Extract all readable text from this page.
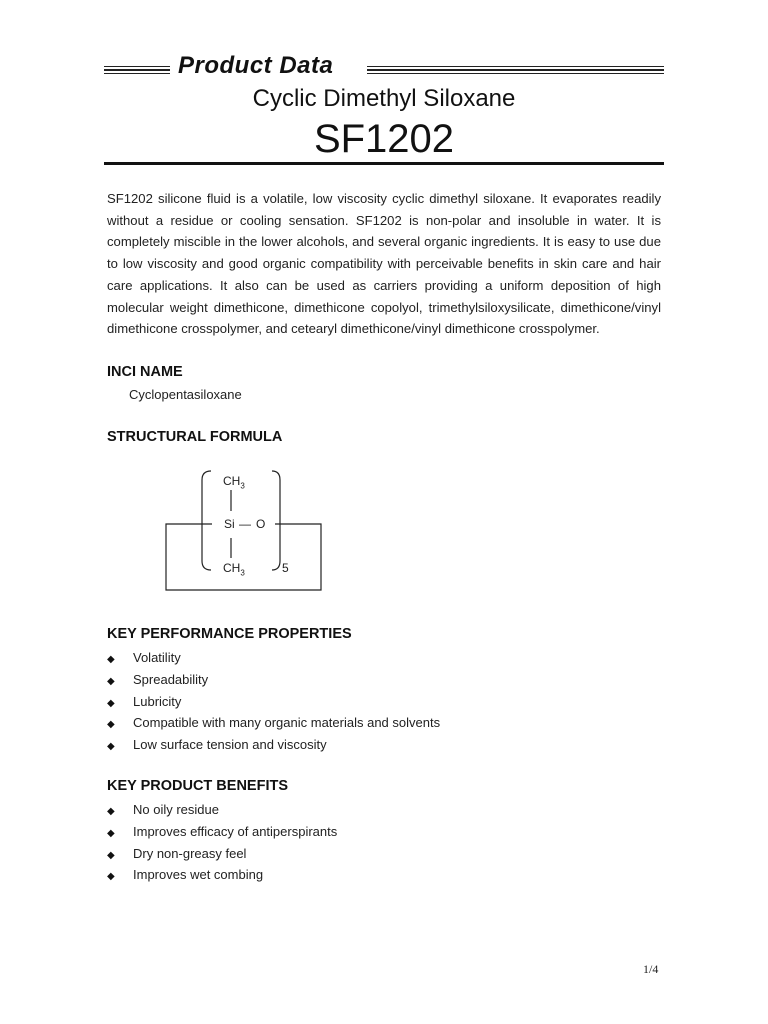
Product Data
Cyclic Dimethyl Siloxane
SF1202

SF1202 silicone fluid is a volatile, low viscosity cyclic dimethyl siloxane. It evaporates readily without a residue or cooling sensation. SF1202 is non-polar and insoluble in water. It is completely miscible in the lower alcohols, and several organic ingredients. It is easy to use due to low viscosity and good organic compatibility with perceivable benefits in skin care and hair care applications. It also can be used as carriers providing a uniform deposition of high molecular weight dimethicone, dimethicone copolyol, trimethylsiloxysilicate, dimethicone/vinyl dimethicone crosspolymer, and cetearyl dimethicone/vinyl dimethicone crosspolymer.

INCI NAME
Cyclopentasiloxane
STRUCTURAL FORMULA
$CH_3$
Si — O
$CH_3$	5
KEY PERFORMANCE PROPERTIES
◆ Volatility
◆ Spreadability
◆ Lubricity
◆ Compatible with many organic materials and solvents
◆ Low surface tension and viscosity
KEY PRODUCT BENEFITS
◆ No oily residue
◆ Improves efficacy of antiperspirants
◆ Dry non-greasy feel
◆ Improves wet combing
1/4
